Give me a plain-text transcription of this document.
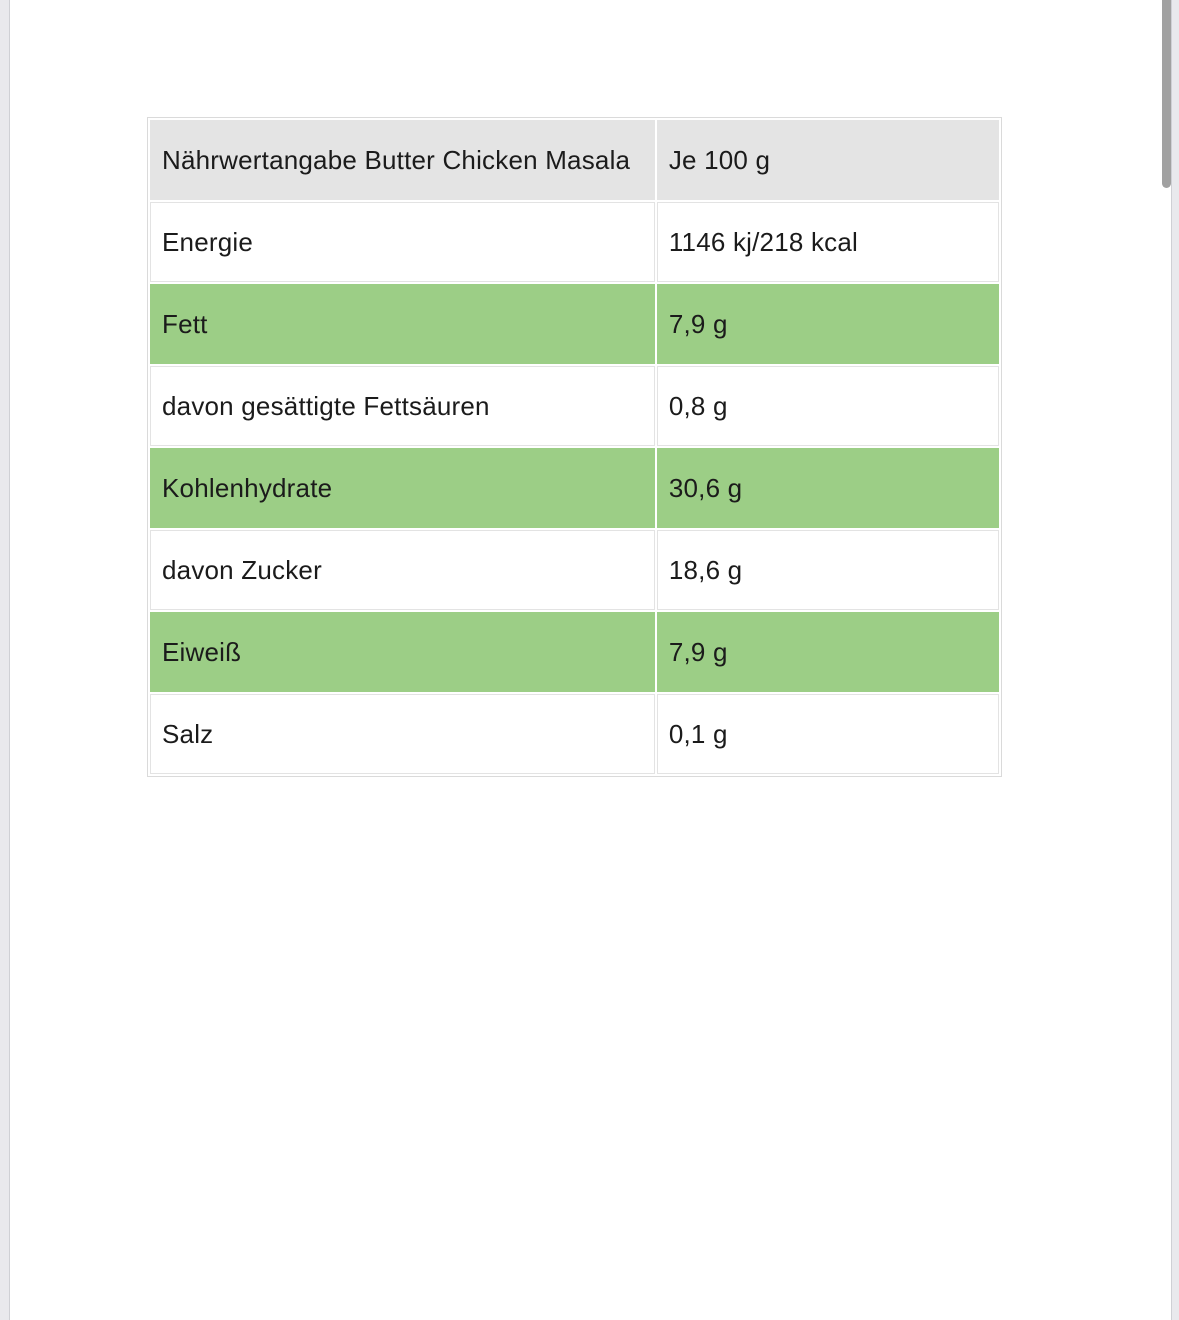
Nährwertangabe Butter Chicken Masala	Je 100 g
Energie	1146 kj/218 kcal
Fett	7,9 g
davon gesättigte Fettsäuren	0,8 g
Kohlenhydrate	30,6 g
davon Zucker	18,6 g
Eiweiß	7,9 g
Salz	0,1 g
